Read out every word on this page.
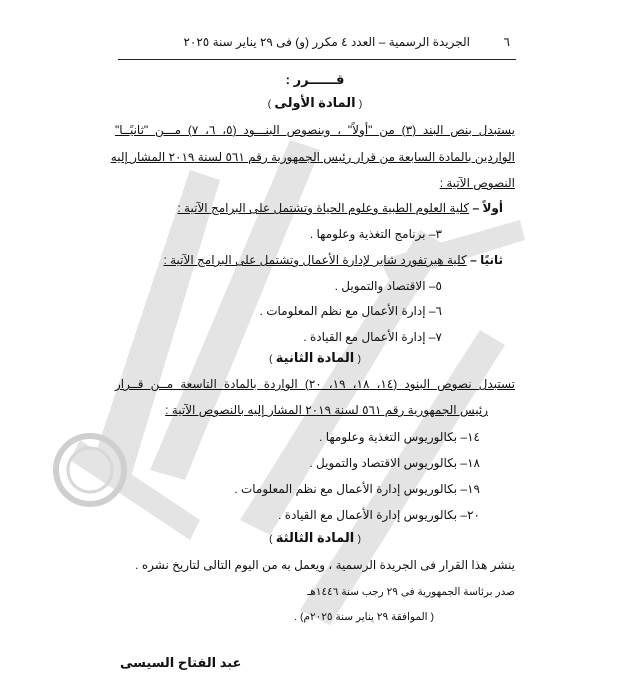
٦
الجريدة الرسمية – العدد ٤ مكرر (و) فى ٢٩ يناير سنة ٢٠٢٥
قــــــرر :
( المادة الأولى )
يستبدل بنص البند (٣) من "أولاً" ، وبنصوص البنـــود (٥، ٦، ٧) مـــن "ثانيًــا"
الواردين بالمادة السابعة من قرار رئيس الجمهورية رقم ٥٦١ لسنة ٢٠١٩ المشار إليه
النصوص الآتية :
أولاً – كلية العلوم الطبية وعلوم الحياة وتشتمل على البرامج الآتية :
٣– برنامج التغذية وعلومها .
ثانيًا – كلية هيرتفورد شاير لإدارة الأعمال وتشتمل على البرامج الآتية :
٥– الاقتصاد والتمويل .
٦– إدارة الأعمال مع نظم المعلومات .
٧– إدارة الأعمال مع القيادة .
( المادة الثانية )
تستبدل نصوص البنود (١٤، ١٨، ١٩، ٢٠) الواردة بالمادة التاسعة مــن قــرار
رئيس الجمهورية رقم ٥٦١ لسنة ٢٠١٩ المشار إليه بالنصوص الآتية :
١٤– بكالوريوس التغذية وعلومها .
١٨– بكالوريوس الاقتصاد والتمويل .
١٩– بكالوريوس إدارة الأعمال مع نظم المعلومات .
٢٠– بكالوريوس إدارة الأعمال مع القيادة .
( المادة الثالثة )
ينشر هذا القرار فى الجريدة الرسمية ، ويعمل به من اليوم التالى لتاريخ نشره .
صدر برئاسة الجمهورية فى ٢٩ رجب سنة ١٤٤٦هـ
( الموافقة ٢٩ يناير سنة ٢٠٢٥م) .
عبد الفتاح السيسى
